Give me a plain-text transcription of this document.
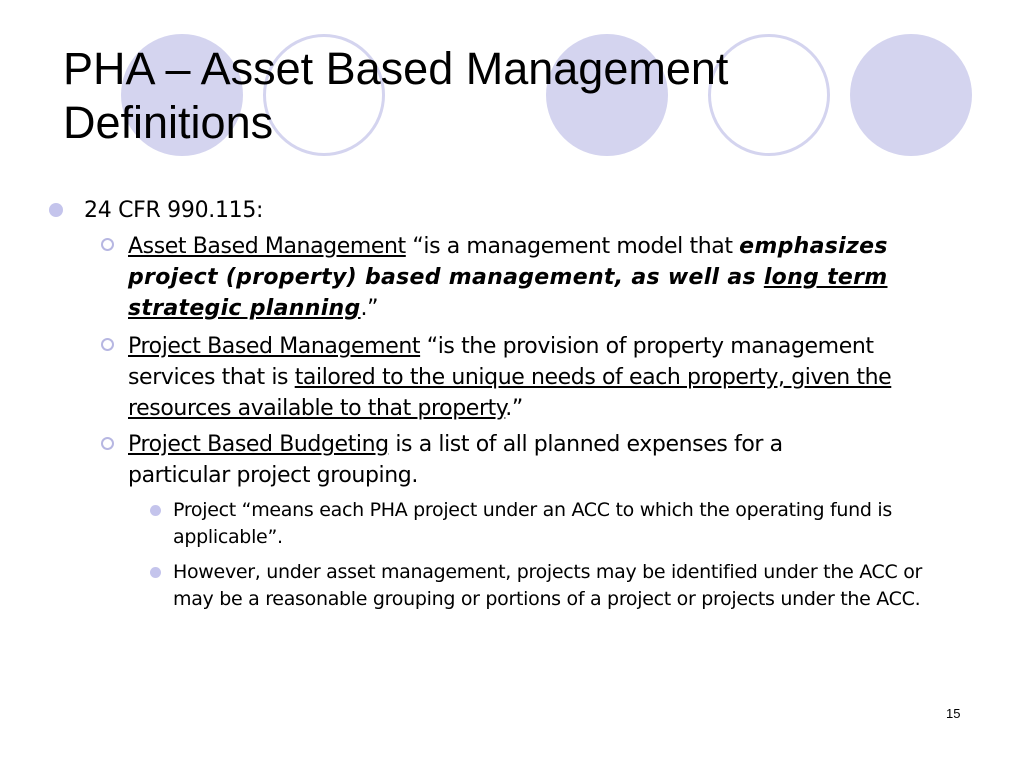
PHA – Asset Based Management
Definitions
24 CFR 990.115:
Asset Based Management “is a management model that emphasizes project (property) based management, as well as long term strategic planning.”
Project Based Management “is the provision of property management services that is tailored to the unique needs of each property, given the resources available to that property.”
Project Based Budgeting is a list of all planned expenses for a particular project grouping.
Project “means each PHA project under an ACC to which the operating fund is applicable”.
However, under asset management, projects may be identified under the ACC or may be a reasonable grouping or portions of a project or projects under the ACC.
15
